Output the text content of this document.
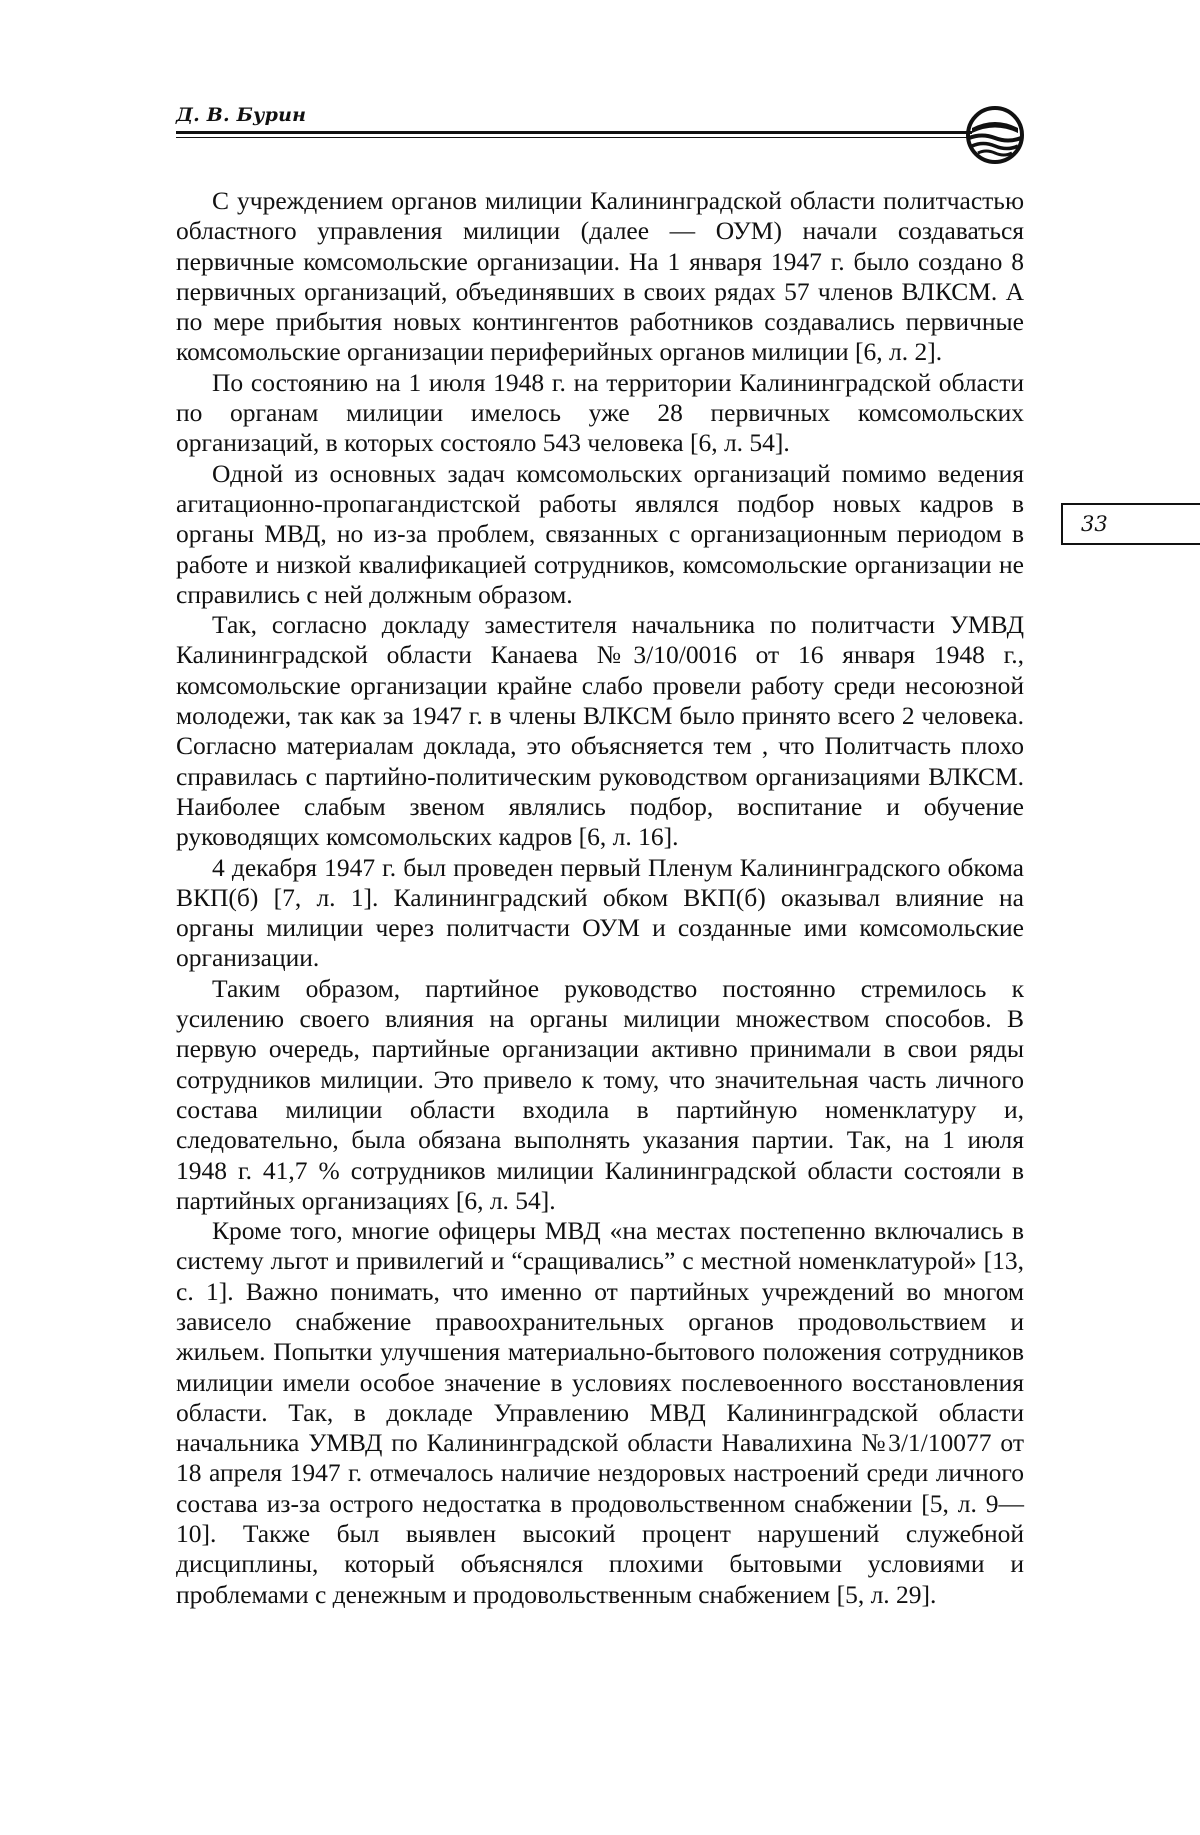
Д. В. Бурин
33

С учреждением органов милиции Калининградской области политчастью областного управления милиции (далее — ОУМ) начали создаваться первичные комсомольские организации. На 1 января 1947 г. было создано 8 первичных организаций, объединявших в своих рядах 57 членов ВЛКСМ. А по мере прибытия новых контингентов работников создавались первичные комсомольские организации периферийных органов милиции [6, л. 2].

По состоянию на 1 июля 1948 г. на территории Калининградской области по органам милиции имелось уже 28 первичных комсомольских организаций, в которых состояло 543 человека [6, л. 54].

Одной из основных задач комсомольских организаций помимо ведения агитационно-пропагандистской работы являлся подбор новых кадров в органы МВД, но из-за проблем, связанных с организационным периодом в работе и низкой квалификацией сотрудников, комсомольские организации не справились с ней должным образом.

Так, согласно докладу заместителя начальника по политчасти УМВД Калининградской области Канаева №3/10/0016 от 16 января 1948 г., комсомольские организации крайне слабо провели работу среди несоюзной молодежи, так как за 1947 г. в члены ВЛКСМ было принято всего 2 человека. Согласно материалам доклада, это объясняется тем , что Политчасть плохо справилась с партийно-политическим руководством организациями ВЛКСМ. Наиболее слабым звеном являлись подбор, воспитание и обучение руководящих комсомольских кадров [6, л. 16].

4 декабря 1947 г. был проведен первый Пленум Калининградского обкома ВКП(б) [7, л. 1]. Калининградский обком ВКП(б) оказывал влияние на органы милиции через политчасти ОУМ и созданные ими комсомольские организации.

Таким образом, партийное руководство постоянно стремилось к усилению своего влияния на органы милиции множеством способов. В первую очередь, партийные организации активно принимали в свои ряды сотрудников милиции. Это привело к тому, что значительная часть личного состава милиции области входила в партийную номенклатуру и, следовательно, была обязана выполнять указания партии. Так, на 1 июля 1948 г. 41,7 % сотрудников милиции Калининградской области состояли в партийных организациях [6, л. 54].

Кроме того, многие офицеры МВД «на местах постепенно включались в систему льгот и привилегий и “сращивались” с местной номенклатурой» [13, с. 1]. Важно понимать, что именно от партийных учреждений во многом зависело снабжение правоохранительных органов продовольствием и жильем. Попытки улучшения материально-бытового положения сотрудников милиции имели особое значение в условиях послевоенного восстановления области. Так, в докладе Управлению МВД Калининградской области начальника УМВД по Калининградской области Навалихина №3/1/10077 от 18 апреля 1947 г. отмечалось наличие нездоровых настроений среди личного состава из-за острого недостатка в продовольственном снабжении [5, л. 9—10]. Также был выявлен высокий процент нарушений служебной дисциплины, который объяснялся плохими бытовыми условиями и проблемами с денежным и продовольственным снабжением [5, л. 29].
